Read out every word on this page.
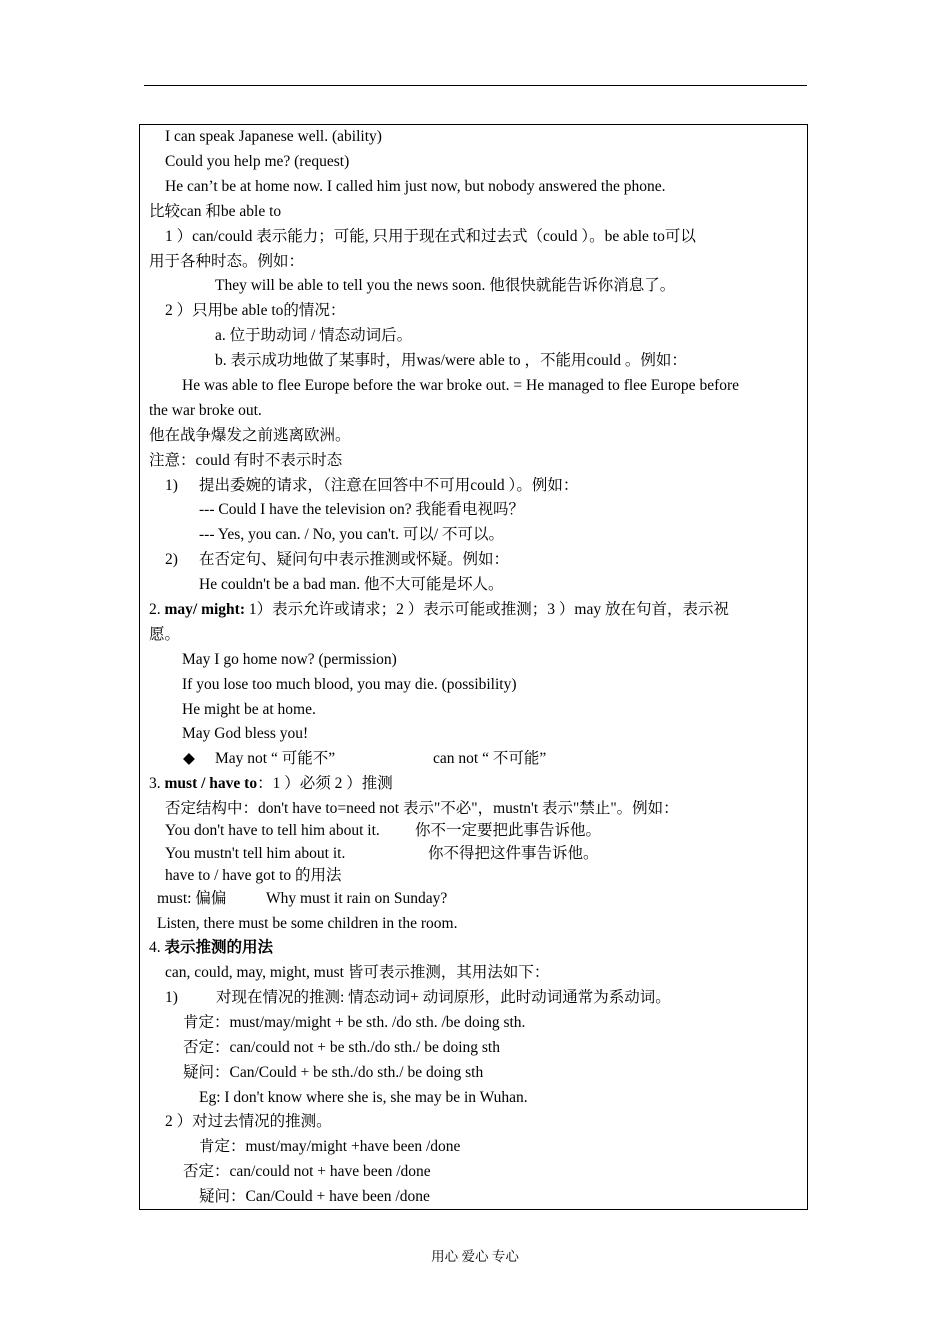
I can speak Japanese well. (ability)
Could you help me? (request)
He can’t be at home now. I called him just now, but nobody answered the phone.
比较can 和be able to
1 ）can/could 表示能力；可能, 只用于现在式和过去式（could ）。be able to可以
用于各种时态。例如：
They will be able to tell you the news soon. 他很快就能告诉你消息了。
2 ）只用be able to的情况：
a. 位于助动词 / 情态动词后。
b. 表示成功地做了某事时，用was/were able to ，不能用could 。例如：
He was able to flee Europe before the war broke out. = He managed to flee Europe before
the war broke out.
他在战争爆发之前逃离欧洲。
注意：could 有时不表示时态
1) 提出委婉的请求，（注意在回答中不可用could ）。例如：
--- Could I have the television on? 我能看电视吗？
--- Yes, you can. / No, you can't. 可以/ 不可以。
2) 在否定句、疑问句中表示推测或怀疑。例如：
He couldn't be a bad man. 他不大可能是坏人。
2. may/ might: 1）表示允许或请求；2 ）表示可能或推测；3 ）may 放在句首，表示祝
愿。
May I go home now? (permission)
If you lose too much blood, you may die. (possibility)
He might be at home.
May God bless you!
◆ May not “ 可能不”	can not “ 不可能”
3. must / have to：1 ）必须 2 ）推测
否定结构中：don't have to=need not 表示"不必"，mustn't 表示"禁止"。例如：
You don't have to tell him about it. 你不一定要把此事告诉他。
You mustn't tell him about it.	你不得把这件事告诉他。
have to / have got to 的用法
must: 偏偏	Why must it rain on Sunday?
Listen, there must be some children in the room.
4. 表示推测的用法
can, could, may, might, must 皆可表示推测，其用法如下：
1) 对现在情况的推测: 情态动词+ 动词原形，此时动词通常为系动词。
肯定：must/may/might + be sth. /do sth. /be doing sth.
否定：can/could not + be sth./do sth./ be doing sth
疑问：Can/Could + be sth./do sth./ be doing sth
Eg: I don't know where she is, she may be in Wuhan.
2 ）对过去情况的推测。
肯定：must/may/might +have been /done
否定：can/could not + have been /done
疑问：Can/Could + have been /done
用心 爱心 专心
